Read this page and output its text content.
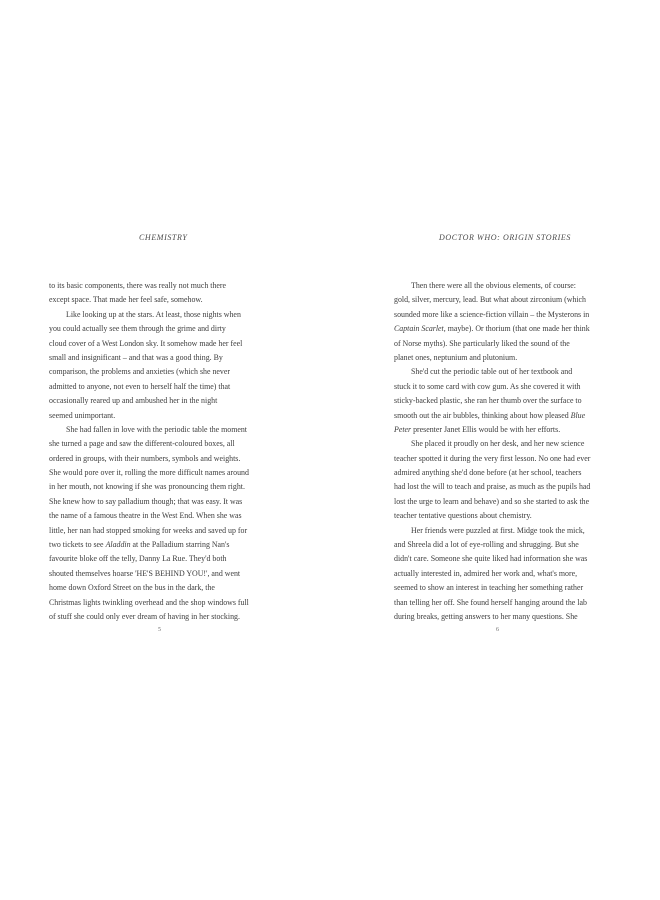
CHEMISTRY
to its basic components, there was really not much there
except space. That made her feel safe, somehow.
Like looking up at the stars. At least, those nights when
you could actually see them through the grime and dirty
cloud cover of a West London sky. It somehow made her feel
small and insignificant – and that was a good thing. By
comparison, the problems and anxieties (which she never
admitted to anyone, not even to herself half the time) that
occasionally reared up and ambushed her in the night
seemed unimportant.
She had fallen in love with the periodic table the moment
she turned a page and saw the different-coloured boxes, all
ordered in groups, with their numbers, symbols and weights.
She would pore over it, rolling the more difficult names around
in her mouth, not knowing if she was pronouncing them right.
She knew how to say palladium though; that was easy. It was
the name of a famous theatre in the West End. When she was
little, her nan had stopped smoking for weeks and saved up for
two tickets to see Aladdin at the Palladium starring Nan's
favourite bloke off the telly, Danny La Rue. They'd both
shouted themselves hoarse 'HE'S BEHIND YOU!', and went
home down Oxford Street on the bus in the dark, the
Christmas lights twinkling overhead and the shop windows full
of stuff she could only ever dream of having in her stocking.
5
DOCTOR WHO: ORIGIN STORIES
Then there were all the obvious elements, of course:
gold, silver, mercury, lead. But what about zirconium (which
sounded more like a science-fiction villain – the Mysterons in
Captain Scarlet, maybe). Or thorium (that one made her think
of Norse myths). She particularly liked the sound of the
planet ones, neptunium and plutonium.
She'd cut the periodic table out of her textbook and
stuck it to some card with cow gum. As she covered it with
sticky-backed plastic, she ran her thumb over the surface to
smooth out the air bubbles, thinking about how pleased Blue
Peter presenter Janet Ellis would be with her efforts.
She placed it proudly on her desk, and her new science
teacher spotted it during the very first lesson. No one had ever
admired anything she'd done before (at her school, teachers
had lost the will to teach and praise, as much as the pupils had
lost the urge to learn and behave) and so she started to ask the
teacher tentative questions about chemistry.
Her friends were puzzled at first. Midge took the mick,
and Shreela did a lot of eye-rolling and shrugging. But she
didn't care. Someone she quite liked had information she was
actually interested in, admired her work and, what's more,
seemed to show an interest in teaching her something rather
than telling her off. She found herself hanging around the lab
during breaks, getting answers to her many questions. She
6
